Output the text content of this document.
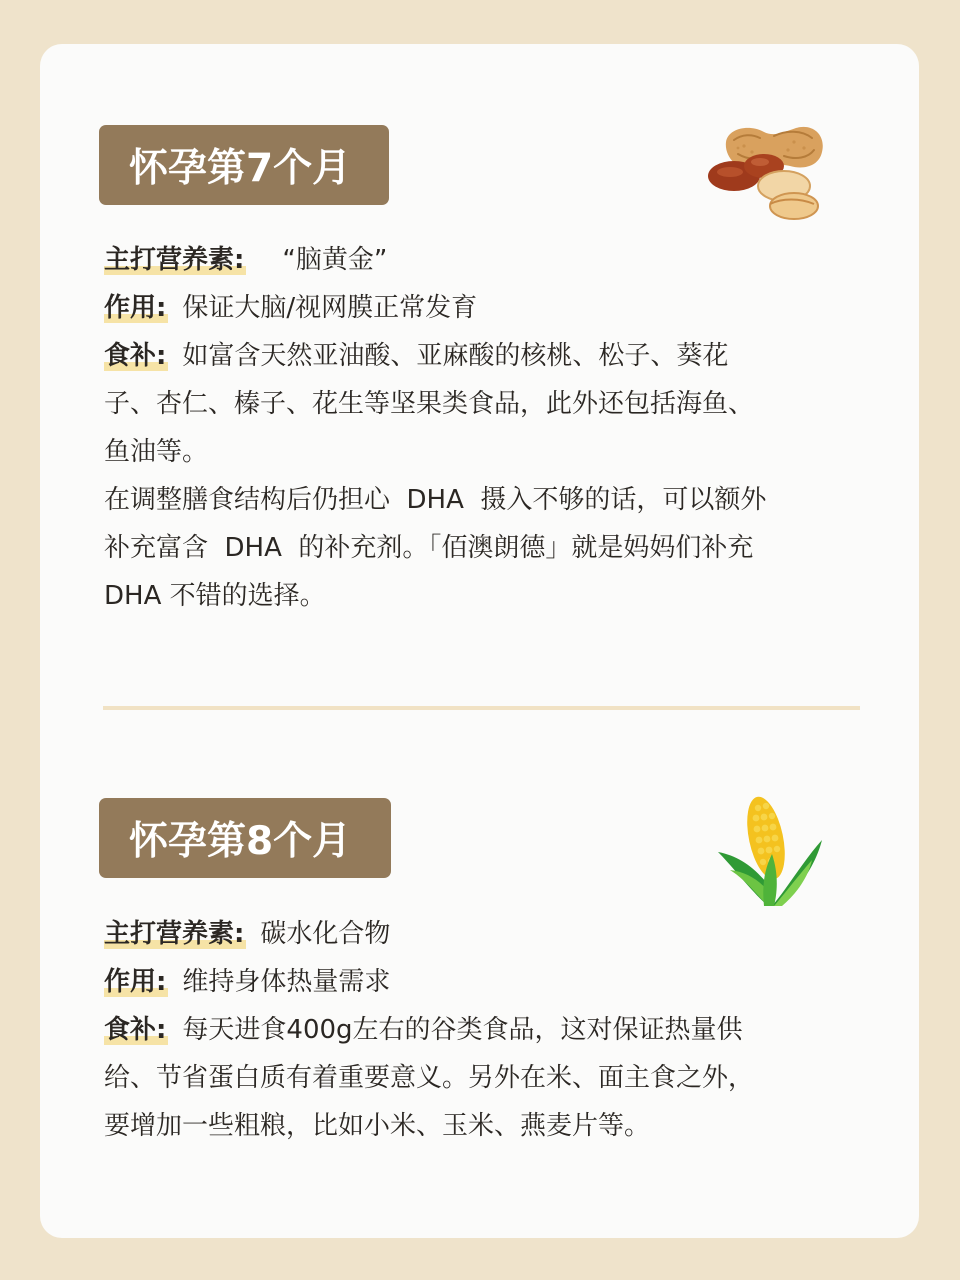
怀孕第7个月

主打营养素: “脑黄金”

作用: 保证大脑/视网膜正常发育

食补: 如富含天然亚油酸、亚麻酸的核桃、松子、葵花

子、杏仁、榛子、花生等坚果类食品，此外还包括海鱼、

鱼油等。

在调整膳食结构后仍担心  DHA  摄入不够的话，可以额外

补充富含  DHA  的补充剂。「佰澳朗德」就是妈妈们补充

DHA 不错的选择。

怀孕第8个月

主打营养素: 碳水化合物

作用: 维持身体热量需求

食补: 每天进食400g左右的谷类食品，这对保证热量供

给、节省蛋白质有着重要意义。另外在米、面主食之外，

要增加一些粗粮，比如小米、玉米、燕麦片等。
